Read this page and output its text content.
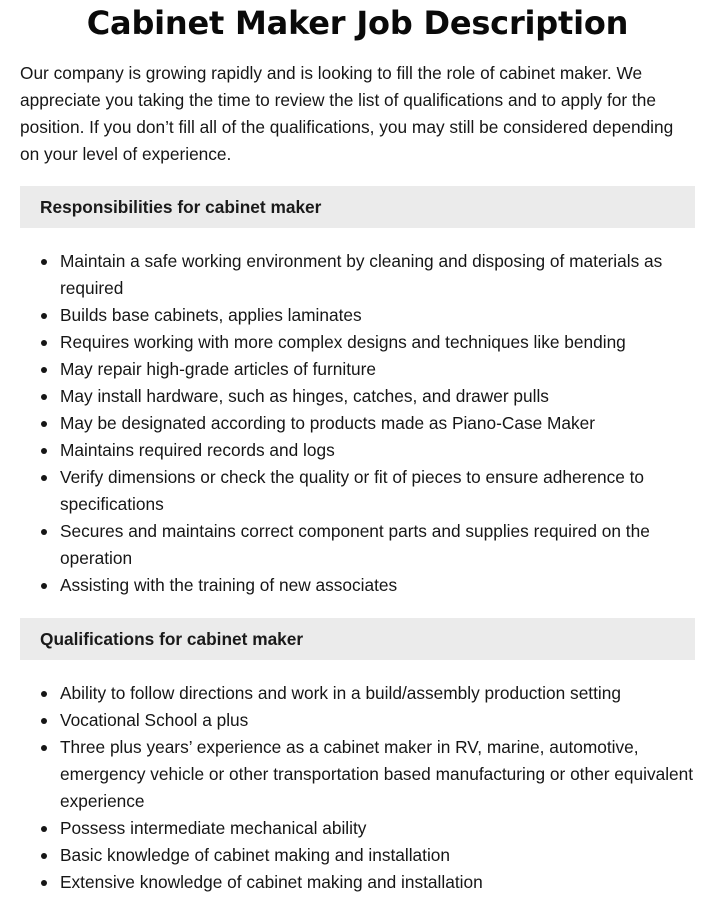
Cabinet Maker Job Description

Our company is growing rapidly and is looking to fill the role of cabinet maker. We appreciate you taking the time to review the list of qualifications and to apply for the position. If you don’t fill all of the qualifications, you may still be considered depending on your level of experience.

Responsibilities for cabinet maker
Maintain a safe working environment by cleaning and disposing of materials as required
Builds base cabinets, applies laminates
Requires working with more complex designs and techniques like bending
May repair high-grade articles of furniture
May install hardware, such as hinges, catches, and drawer pulls
May be designated according to products made as Piano-Case Maker
Maintains required records and logs
Verify dimensions or check the quality or fit of pieces to ensure adherence to specifications
Secures and maintains correct component parts and supplies required on the operation
Assisting with the training of new associates
Qualifications for cabinet maker
Ability to follow directions and work in a build/assembly production setting
Vocational School a plus
Three plus years’ experience as a cabinet maker in RV, marine, automotive, emergency vehicle or other transportation based manufacturing or other equivalent experience
Possess intermediate mechanical ability
Basic knowledge of cabinet making and installation
Extensive knowledge of cabinet making and installation
